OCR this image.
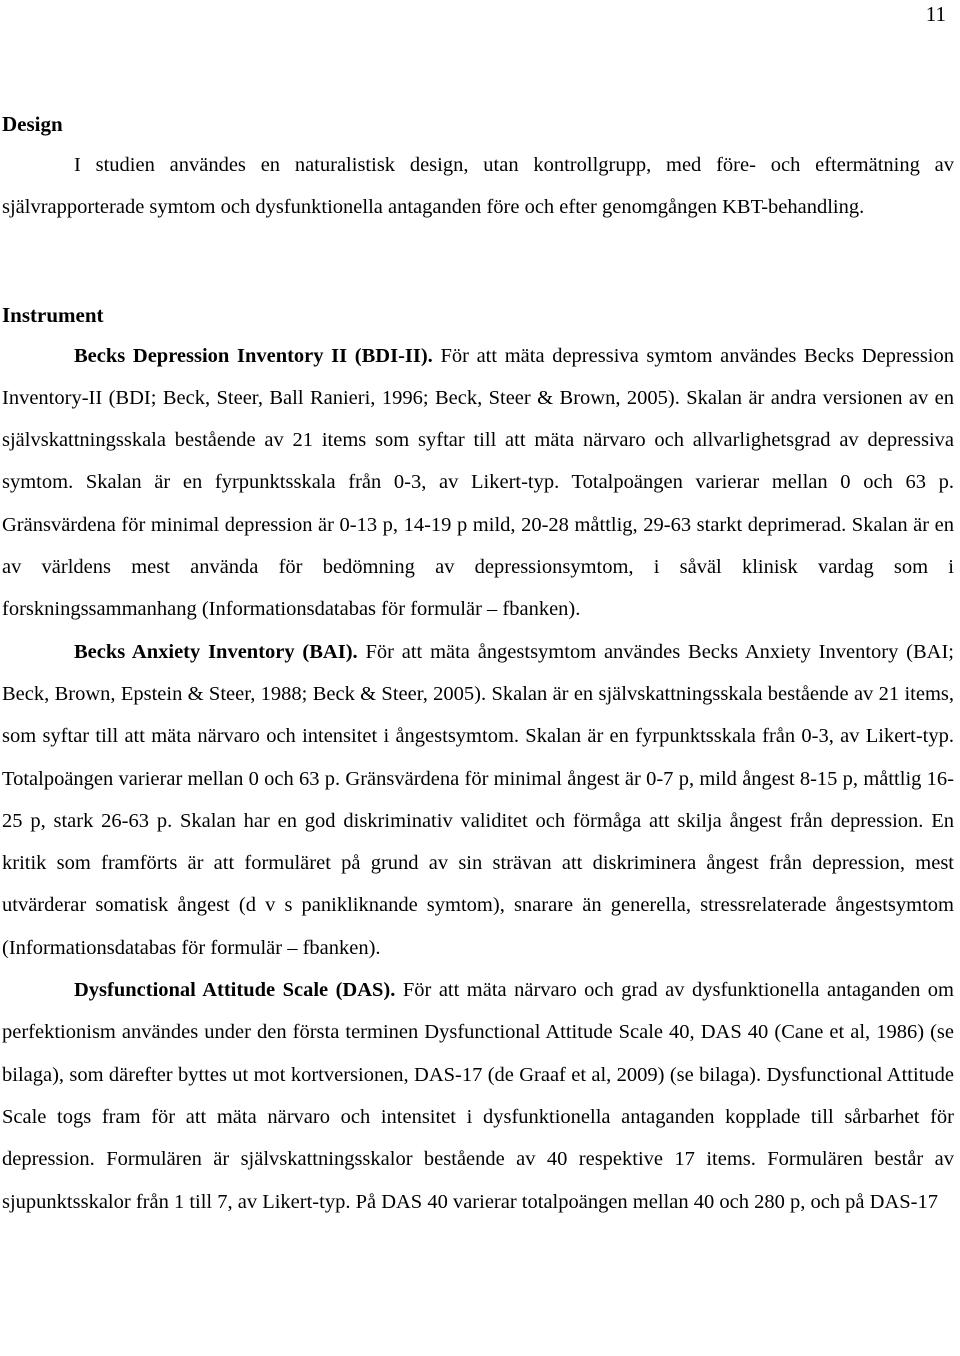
11
Design

I studien användes en naturalistisk design, utan kontrollgrupp, med före- och eftermätning av självrapporterade symtom och dysfunktionella antaganden före och efter genomgången KBT-behandling.

Instrument

Becks Depression Inventory II (BDI-II). För att mäta depressiva symtom användes Becks Depression Inventory-II (BDI; Beck, Steer, Ball Ranieri, 1996; Beck, Steer & Brown, 2005). Skalan är andra versionen av en självskattningsskala bestående av 21 items som syftar till att mäta närvaro och allvarlighetsgrad av depressiva symtom. Skalan är en fyrpunktsskala från 0-3, av Likert-typ. Totalpoängen varierar mellan 0 och 63 p. Gränsvärdena för minimal depression är 0-13 p, 14-19 p mild, 20-28 måttlig, 29-63 starkt deprimerad. Skalan är en av världens mest använda för bedömning av depressionsymtom, i såväl klinisk vardag som i forskningssammanhang (Informationsdatabas för formulär – fbanken).

Becks Anxiety Inventory (BAI). För att mäta ångestsymtom användes Becks Anxiety Inventory (BAI; Beck, Brown, Epstein & Steer, 1988; Beck & Steer, 2005). Skalan är en självskattningsskala bestående av 21 items, som syftar till att mäta närvaro och intensitet i ångestsymtom. Skalan är en fyrpunktsskala från 0-3, av Likert-typ. Totalpoängen varierar mellan 0 och 63 p. Gränsvärdena för minimal ångest är 0-7 p, mild ångest 8-15 p, måttlig 16-25 p, stark 26-63 p. Skalan har en god diskriminativ validitet och förmåga att skilja ångest från depression. En kritik som framförts är att formuläret på grund av sin strävan att diskriminera ångest från depression, mest utvärderar somatisk ångest (d v s panikliknande symtom), snarare än generella, stressrelaterade ångestsymtom (Informationsdatabas för formulär – fbanken).

Dysfunctional Attitude Scale (DAS). För att mäta närvaro och grad av dysfunktionella antaganden om perfektionism användes under den första terminen Dysfunctional Attitude Scale 40, DAS 40 (Cane et al, 1986) (se bilaga), som därefter byttes ut mot kortversionen, DAS-17 (de Graaf et al, 2009) (se bilaga). Dysfunctional Attitude Scale togs fram för att mäta närvaro och intensitet i dysfunktionella antaganden kopplade till sårbarhet för depression. Formulären är självskattningsskalor bestående av 40 respektive 17 items. Formulären består av sjupunktsskalor från 1 till 7, av Likert-typ. På DAS 40 varierar totalpoängen mellan 40 och 280 p, och på DAS-17
